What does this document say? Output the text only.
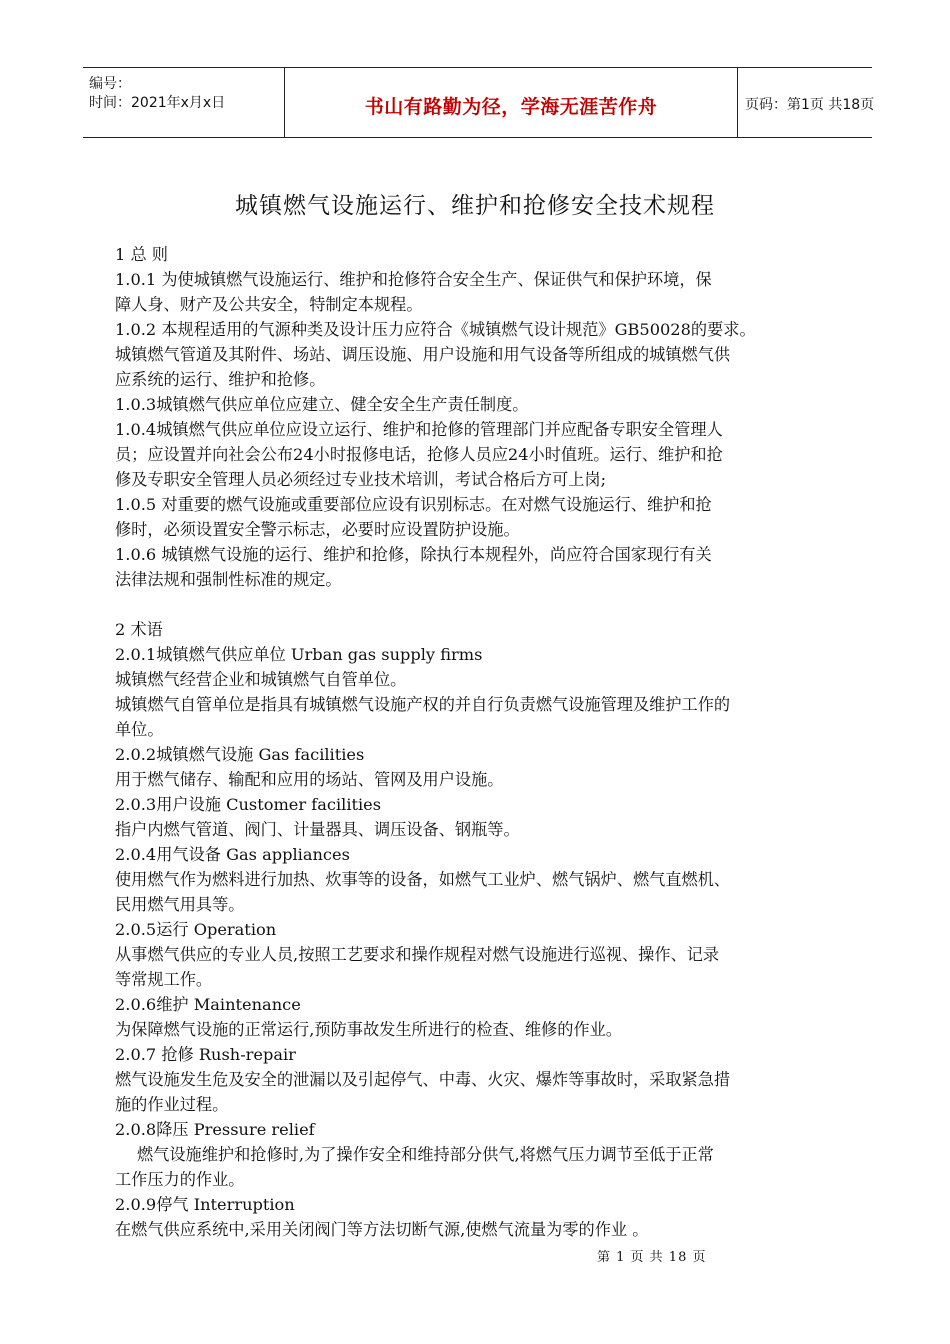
编号：
时间：2021年x月x日	书山有路勤为径，学海无涯苦作舟	页码：第1页 共18页
城镇燃气设施运行、维护和抢修安全技术规程

1 总 则

1.0.1 为使城镇燃气设施运行、维护和抢修符合安全生产、保证供气和保护环境，保

障人身、财产及公共安全，特制定本规程。

1.0.2 本规程适用的气源种类及设计压力应符合《城镇燃气设计规范》GB50028的要求。

城镇燃气管道及其附件、场站、调压设施、用户设施和用气设备等所组成的城镇燃气供

应系统的运行、维护和抢修。

1.0.3城镇燃气供应单位应建立、健全安全生产责任制度。

1.0.4城镇燃气供应单位应设立运行、维护和抢修的管理部门并应配备专职安全管理人

员；应设置并向社会公布24小时报修电话，抢修人员应24小时值班。运行、维护和抢

修及专职安全管理人员必须经过专业技术培训，考试合格后方可上岗;

1.0.5 对重要的燃气设施或重要部位应设有识别标志。在对燃气设施运行、维护和抢

修时，必须设置安全警示标志，必要时应设置防护设施。

1.0.6 城镇燃气设施的运行、维护和抢修，除执行本规程外，尚应符合国家现行有关

法律法规和强制性标准的规定。

2 术语

2.0.1城镇燃气供应单位 Urban gas supply firms

城镇燃气经营企业和城镇燃气自管单位。

城镇燃气自管单位是指具有城镇燃气设施产权的并自行负责燃气设施管理及维护工作的

单位。

2.0.2城镇燃气设施 Gas facilities

用于燃气储存、输配和应用的场站、管网及用户设施。

2.0.3用户设施 Customer facilities

指户内燃气管道、阀门、计量器具、调压设备、钢瓶等。

2.0.4用气设备 Gas appliances

使用燃气作为燃料进行加热、炊事等的设备，如燃气工业炉、燃气锅炉、燃气直燃机、

民用燃气用具等。

2.0.5运行 Operation

从事燃气供应的专业人员,按照工艺要求和操作规程对燃气设施进行巡视、操作、记录

等常规工作。

2.0.6维护 Maintenance

为保障燃气设施的正常运行,预防事故发生所进行的检查、维修的作业。

2.0.7 抢修 Rush-repair

燃气设施发生危及安全的泄漏以及引起停气、中毒、火灾、爆炸等事故时，采取紧急措

施的作业过程。

2.0.8降压 Pressure relief

燃气设施维护和抢修时,为了操作安全和维持部分供气,将燃气压力调节至低于正常

工作压力的作业。

2.0.9停气 Interruption

在燃气供应系统中,采用关闭阀门等方法切断气源,使燃气流量为零的作业 。

第 1 页 共 18 页
